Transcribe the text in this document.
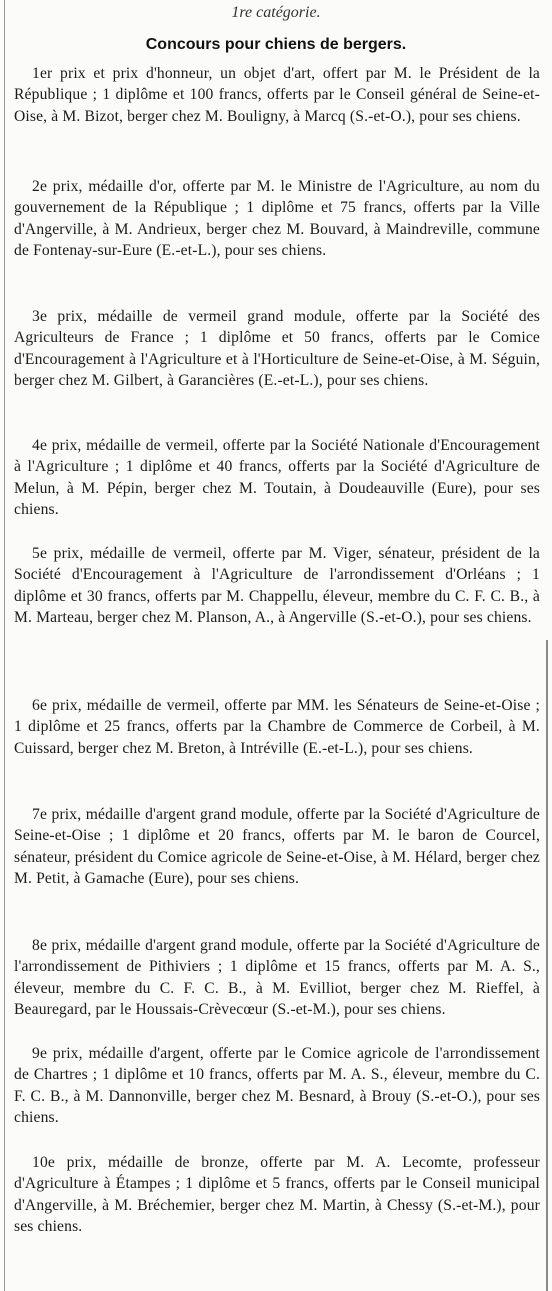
1re catégorie.
Concours pour chiens de bergers.

1er prix et prix d'honneur, un objet d'art, offert par M. le Président de la République ; 1 diplôme et 100 francs, offerts par le Conseil général de Seine-et-Oise, à M. Bizot, berger chez M. Bouligny, à Marcq (S.-et-O.), pour ses chiens.

2e prix, médaille d'or, offerte par M. le Ministre de l'Agriculture, au nom du gouvernement de la République ; 1 diplôme et 75 francs, offerts par la Ville d'Angerville, à M. Andrieux, berger chez M. Bouvard, à Maindreville, commune de Fontenay-sur-Eure (E.-et-L.), pour ses chiens.

3e prix, médaille de vermeil grand module, offerte par la Société des Agriculteurs de France ; 1 diplôme et 50 francs, offerts par le Comice d'Encouragement à l'Agriculture et à l'Horticulture de Seine-et-Oise, à M. Séguin, berger chez M. Gilbert, à Garancières (E.-et-L.), pour ses chiens.

4e prix, médaille de vermeil, offerte par la Société Nationale d'Encouragement à l'Agriculture ; 1 diplôme et 40 francs, offerts par la Société d'Agriculture de Melun, à M. Pépin, berger chez M. Toutain, à Doudeauville (Eure), pour ses chiens.

5e prix, médaille de vermeil, offerte par M. Viger, sénateur, président de la Société d'Encouragement à l'Agriculture de l'arrondissement d'Orléans ; 1 diplôme et 30 francs, offerts par M. Chappellu, éleveur, membre du C. F. C. B., à M. Marteau, berger chez M. Planson, A., à Angerville (S.-et-O.), pour ses chiens.

6e prix, médaille de vermeil, offerte par MM. les Sénateurs de Seine-et-Oise ; 1 diplôme et 25 francs, offerts par la Chambre de Commerce de Corbeil, à M. Cuissard, berger chez M. Breton, à Intréville (E.-et-L.), pour ses chiens.

7e prix, médaille d'argent grand module, offerte par la Société d'Agriculture de Seine-et-Oise ; 1 diplôme et 20 francs, offerts par M. le baron de Courcel, sénateur, président du Comice agricole de Seine-et-Oise, à M. Hélard, berger chez M. Petit, à Gamache (Eure), pour ses chiens.

8e prix, médaille d'argent grand module, offerte par la Société d'Agriculture de l'arrondissement de Pithiviers ; 1 diplôme et 15 francs, offerts par M. A. S., éleveur, membre du C. F. C. B., à M. Evilliot, berger chez M. Rieffel, à Beauregard, par le Houssais-Crèvecœur (S.-et-M.), pour ses chiens.

9e prix, médaille d'argent, offerte par le Comice agricole de l'arrondissement de Chartres ; 1 diplôme et 10 francs, offerts par M. A. S., éleveur, membre du C. F. C. B., à M. Dannonville, berger chez M. Besnard, à Brouy (S.-et-O.), pour ses chiens.

10e prix, médaille de bronze, offerte par M. A. Lecomte, professeur d'Agriculture à Étampes ; 1 diplôme et 5 francs, offerts par le Conseil municipal d'Angerville, à M. Bréchemier, berger chez M. Martin, à Chessy (S.-et-M.), pour ses chiens.
